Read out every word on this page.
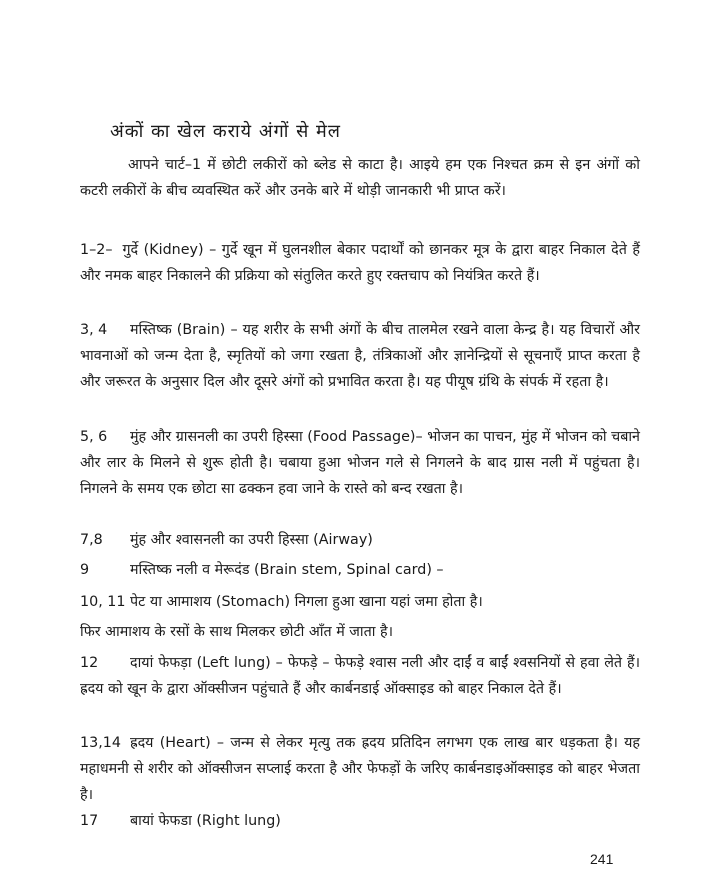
अंकों का खेल कराये अंगों से मेल
आपने चार्ट–1 में छोटी लकीरों को ब्लेड से काटा है। आइये हम एक निश्चत क्रम से इन अंगों को कटरी लकीरों के बीच व्यवस्थित करें और उनके बारे में थोड़ी जानकारी भी प्राप्त करें।
1–2– गुर्दे (Kidney) – गुर्दे खून में घुलनशील बेकार पदार्थों को छानकर मूत्र के द्वारा बाहर निकाल देते हैं और नमक बाहर निकालने की प्रक्रिया को संतुलित करते हुए रक्तचाप को नियंत्रित करते हैं।
3, 4 मस्तिष्क (Brain) – यह शरीर के सभी अंगों के बीच तालमेल रखने वाला केन्द्र है। यह विचारों और भावनाओं को जन्म देता है, स्मृतियों को जगा रखता है, तंत्रिकाओं और ज्ञानेन्द्रियों से सूचनाएँ प्राप्त करता है और जरूरत के अनुसार दिल और दूसरे अंगों को प्रभावित करता है। यह पीयूष ग्रंथि के संपर्क में रहता है।
5, 6 मुंह और ग्रासनली का उपरी हिस्सा (Food Passage)– भोजन का पाचन, मुंह में भोजन को चबाने और लार के मिलने से शुरू होती है। चबाया हुआ भोजन गले से निगलने के बाद ग्रास नली में पहुंचता है। निगलने के समय एक छोटा सा ढक्कन हवा जाने के रास्ते को बन्द रखता है।
7,8 मुंह और श्वासनली का उपरी हिस्सा (Airway)
9	मस्तिष्क नली व मेरूदंड (Brain stem, Spinal card) –
10, 11 पेट या आमाशय (Stomach) निगला हुआ खाना यहां जमा होता है।
फिर आमाशय के रसों के साथ मिलकर छोटी आँत में जाता है।
12 दायां फेफड़ा (Left lung) – फेफड़े – फेफड़े श्वास नली और दाईं व बाईं श्वसनियों से हवा लेते हैं। ह्रदय को खून के द्वारा ऑक्सीजन पहुंचाते हैं और कार्बनडाई ऑक्साइड को बाहर निकाल देते हैं।
13,14 ह्रदय (Heart) – जन्म से लेकर मृत्यु तक ह्रदय प्रतिदिन लगभग एक लाख बार धड़कता है। यह महाधमनी से शरीर को ऑक्सीजन सप्लाई करता है और फेफड़ों के जरिए कार्बनडाइऑक्साइड को बाहर भेजता है।
17 बायां फेफडा (Right lung)
241
